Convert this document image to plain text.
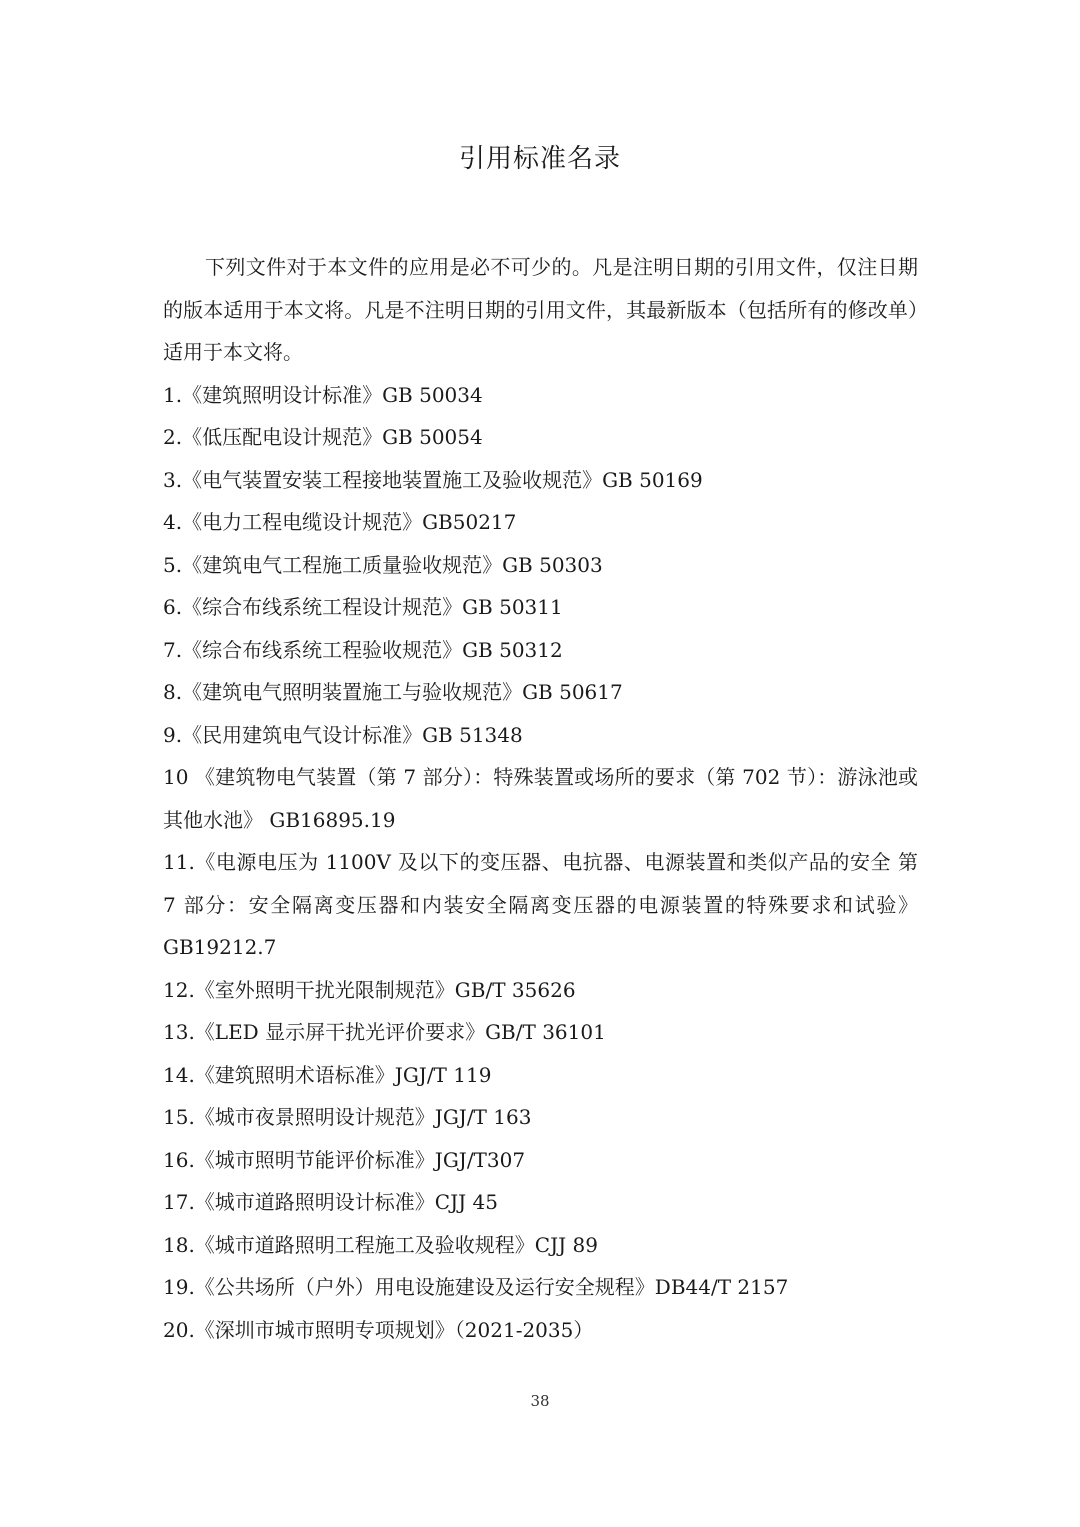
引用标准名录

下列文件对于本文件的应用是必不可少的。凡是注明日期的引用文件，仅注日期的版本适用于本文将。凡是不注明日期的引用文件，其最新版本（包括所有的修改单）适用于本文将。

1.《建筑照明设计标准》GB 50034

2.《低压配电设计规范》GB 50054

3.《电气装置安装工程接地装置施工及验收规范》GB 50169

4.《电力工程电缆设计规范》GB50217

5.《建筑电气工程施工质量验收规范》GB 50303

6.《综合布线系统工程设计规范》GB 50311

7.《综合布线系统工程验收规范》GB 50312

8.《建筑电气照明装置施工与验收规范》GB 50617

9.《民用建筑电气设计标准》GB 51348

10 《建筑物电气装置（第 7 部分）：特殊装置或场所的要求（第 702 节）：游泳池或其他水池》 GB16895.19

11.《电源电压为 1100V 及以下的变压器、电抗器、电源装置和类似产品的安全 第 7 部分：安全隔离变压器和内装安全隔离变压器的电源装置的特殊要求和试验》 GB19212.7

12.《室外照明干扰光限制规范》GB/T 35626

13.《LED 显示屏干扰光评价要求》GB/T 36101

14.《建筑照明术语标准》JGJ/T 119

15.《城市夜景照明设计规范》JGJ/T 163

16.《城市照明节能评价标准》JGJ/T307

17.《城市道路照明设计标准》CJJ 45

18.《城市道路照明工程施工及验收规程》CJJ 89

19.《公共场所（户外）用电设施建设及运行安全规程》DB44/T 2157

20.《深圳市城市照明专项规划》（2021-2035）

38
